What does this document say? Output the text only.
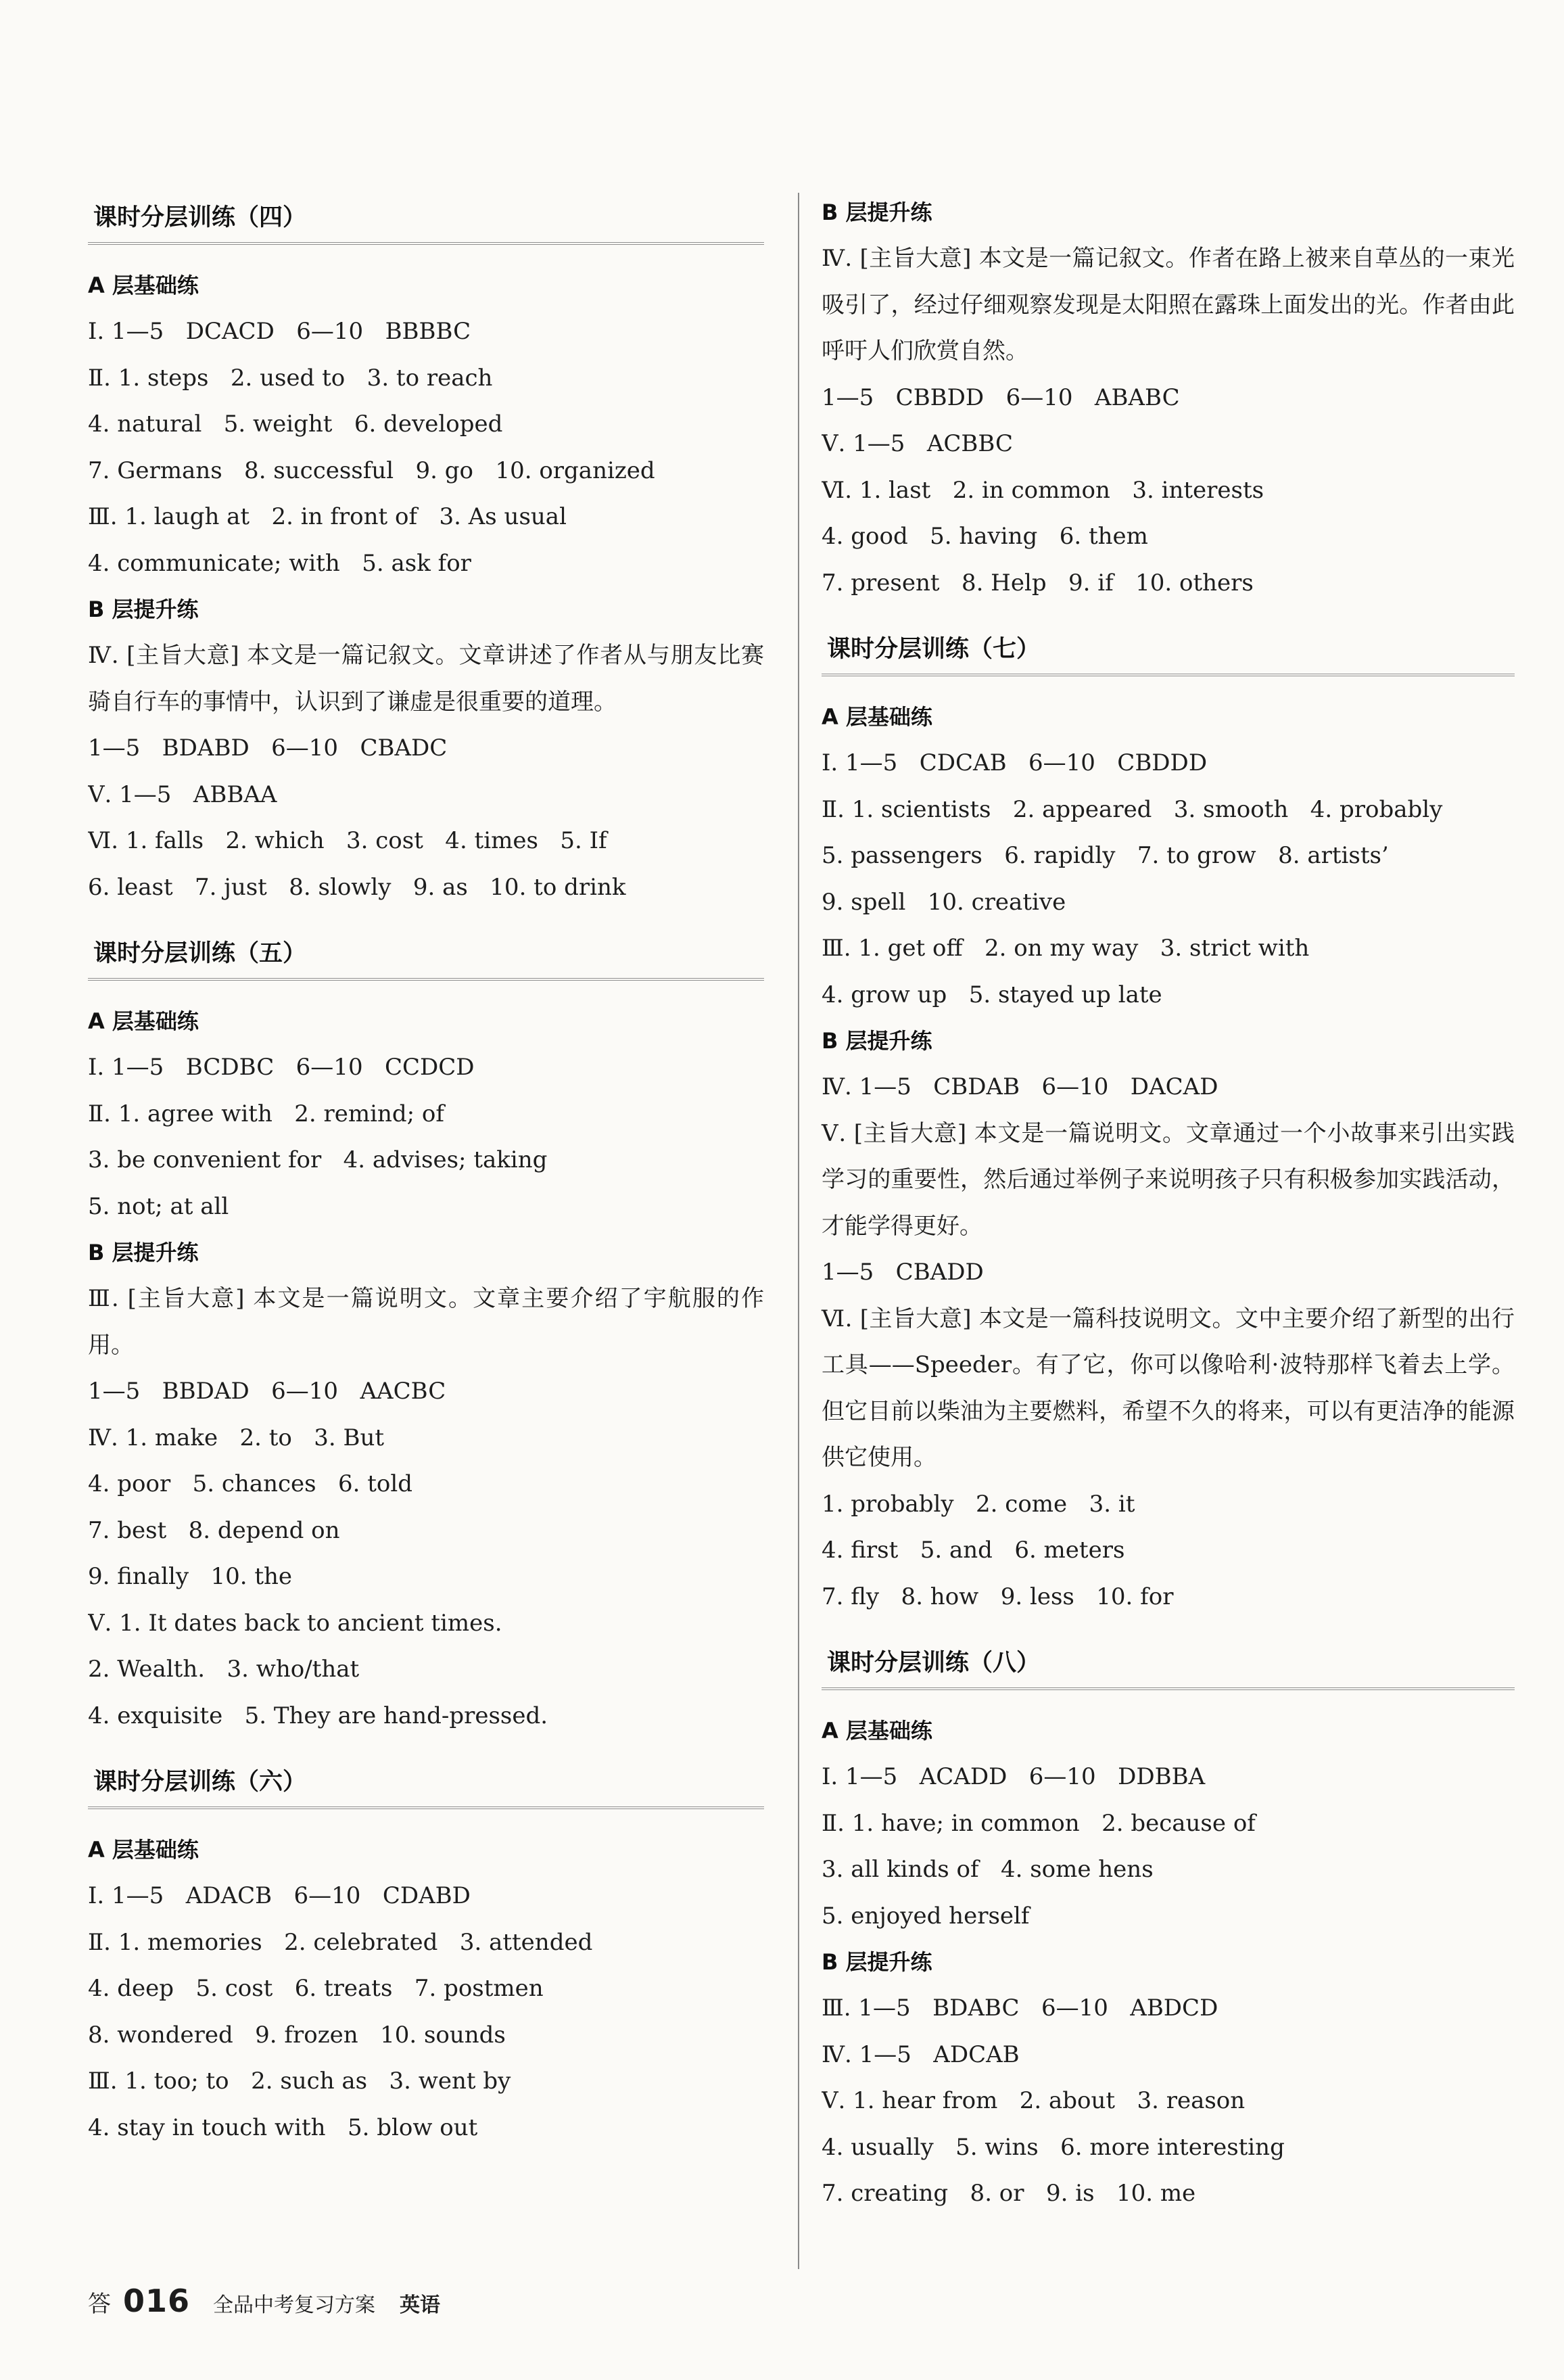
课时分层训练（四）
A 层基础练
Ⅰ. 1—5   DCACD   6—10   BBBBC
Ⅱ. 1. steps   2. used to   3. to reach
4. natural   5. weight   6. developed
7. Germans   8. successful   9. go   10. organized
Ⅲ. 1. laugh at   2. in front of   3. As usual
4. communicate; with   5. ask for
B 层提升练
Ⅳ. [主旨大意] 本文是一篇记叙文。文章讲述了作者从与朋友比赛骑自行车的事情中，认识到了谦虚是很重要的道理。
1—5   BDABD   6—10   CBADC
Ⅴ. 1—5   ABBAA
Ⅵ. 1. falls   2. which   3. cost   4. times   5. If
6. least   7. just   8. slowly   9. as   10. to drink
课时分层训练（五）
A 层基础练
Ⅰ. 1—5   BCDBC   6—10   CCDCD
Ⅱ. 1. agree with   2. remind; of
3. be convenient for   4. advises; taking
5. not; at all
B 层提升练
Ⅲ. [主旨大意] 本文是一篇说明文。文章主要介绍了宇航服的作用。
1—5   BBDAD   6—10   AACBC
Ⅳ. 1. make   2. to   3. But
4. poor   5. chances   6. told
7. best   8. depend on
9. finally   10. the
Ⅴ. 1. It dates back to ancient times.
2. Wealth.   3. who/that
4. exquisite   5. They are hand-pressed.
课时分层训练（六）
A 层基础练
Ⅰ. 1—5   ADACB   6—10   CDABD
Ⅱ. 1. memories   2. celebrated   3. attended
4. deep   5. cost   6. treats   7. postmen
8. wondered   9. frozen   10. sounds
Ⅲ. 1. too; to   2. such as   3. went by
4. stay in touch with   5. blow out
B 层提升练
Ⅳ. [主旨大意] 本文是一篇记叙文。作者在路上被来自草丛的一束光吸引了，经过仔细观察发现是太阳照在露珠上面发出的光。作者由此呼吁人们欣赏自然。
1—5   CBBDD   6—10   ABABC
Ⅴ. 1—5   ACBBC
Ⅵ. 1. last   2. in common   3. interests
4. good   5. having   6. them
7. present   8. Help   9. if   10. others
课时分层训练（七）
A 层基础练
Ⅰ. 1—5   CDCAB   6—10   CBDDD
Ⅱ. 1. scientists   2. appeared   3. smooth   4. probably
5. passengers   6. rapidly   7. to grow   8. artists’
9. spell   10. creative
Ⅲ. 1. get off   2. on my way   3. strict with
4. grow up   5. stayed up late
B 层提升练
Ⅳ. 1—5   CBDAB   6—10   DACAD
Ⅴ. [主旨大意] 本文是一篇说明文。文章通过一个小故事来引出实践学习的重要性，然后通过举例子来说明孩子只有积极参加实践活动，才能学得更好。
1—5   CBADD
Ⅵ. [主旨大意] 本文是一篇科技说明文。文中主要介绍了新型的出行工具——Speeder。有了它，你可以像哈利·波特那样飞着去上学。但它目前以柴油为主要燃料，希望不久的将来，可以有更洁净的能源供它使用。
1. probably   2. come   3. it
4. first   5. and   6. meters
7. fly   8. how   9. less   10. for
课时分层训练（八）
A 层基础练
Ⅰ. 1—5   ACADD   6—10   DDBBA
Ⅱ. 1. have; in common   2. because of
3. all kinds of   4. some hens
5. enjoyed herself
B 层提升练
Ⅲ. 1—5   BDABC   6—10   ABDCD
Ⅳ. 1—5   ADCAB
Ⅴ. 1. hear from   2. about   3. reason
4. usually   5. wins   6. more interesting
7. creating   8. or   9. is   10. me
答 016 全品中考复习方案 英语
